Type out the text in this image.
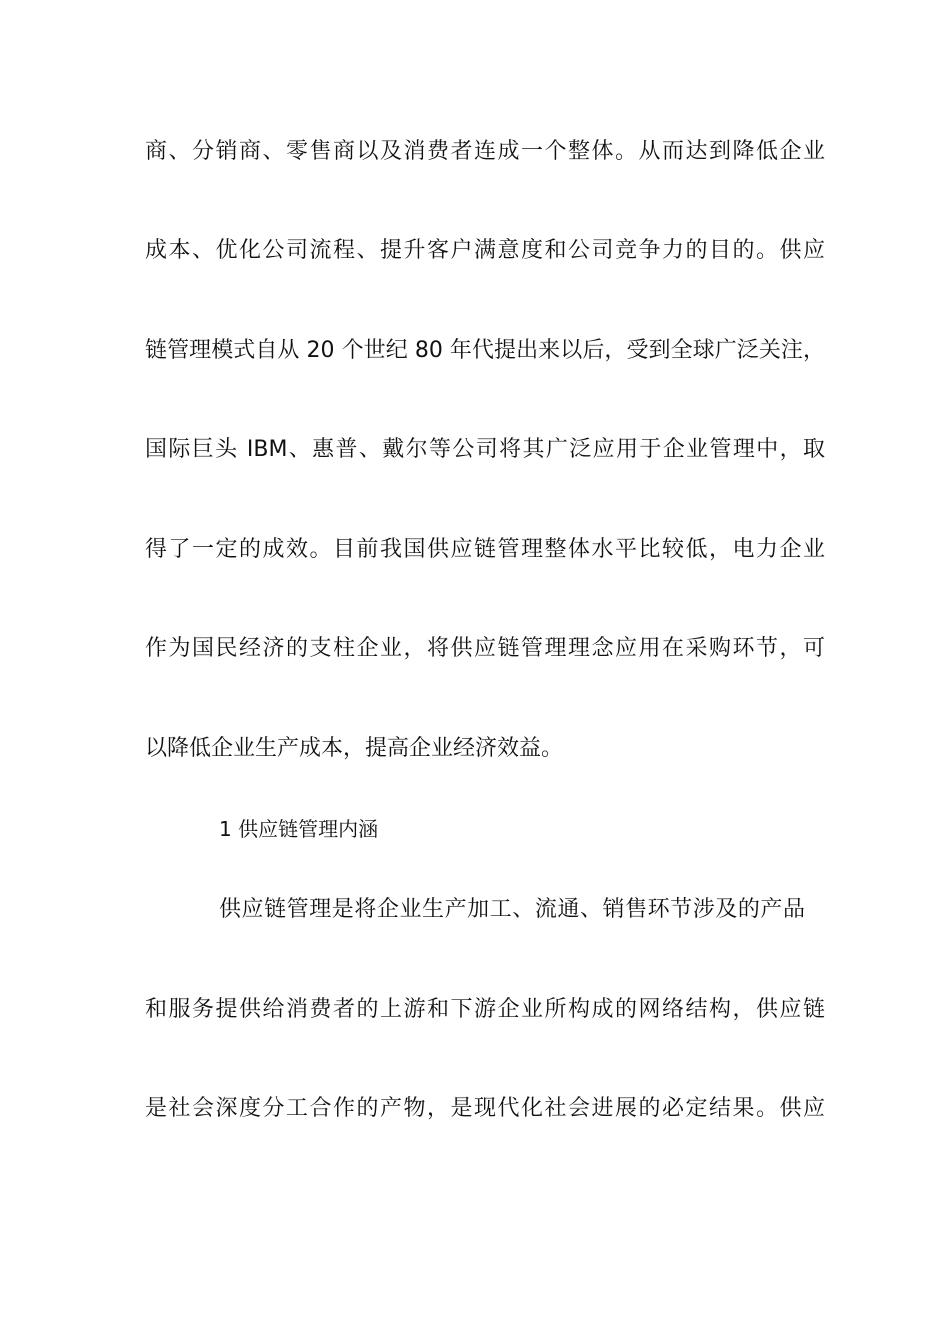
商、分销商、零售商以及消费者连成一个整体。从而达到降低企业
成本、优化公司流程、提升客户满意度和公司竞争力的目的。供应
链管理模式自从 20 个世纪 80 年代提出来以后，受到全球广泛关注，
国际巨头 IBM、惠普、戴尔等公司将其广泛应用于企业管理中，取
得了一定的成效。目前我国供应链管理整体水平比较低，电力企业
作为国民经济的支柱企业，将供应链管理理念应用在采购环节，可
以降低企业生产成本，提高企业经济效益。
1 供应链管理内涵
供应链管理是将企业生产加工、流通、销售环节涉及的产品
和服务提供给消费者的上游和下游企业所构成的网络结构，供应链
是社会深度分工合作的产物，是现代化社会进展的必定结果。供应
